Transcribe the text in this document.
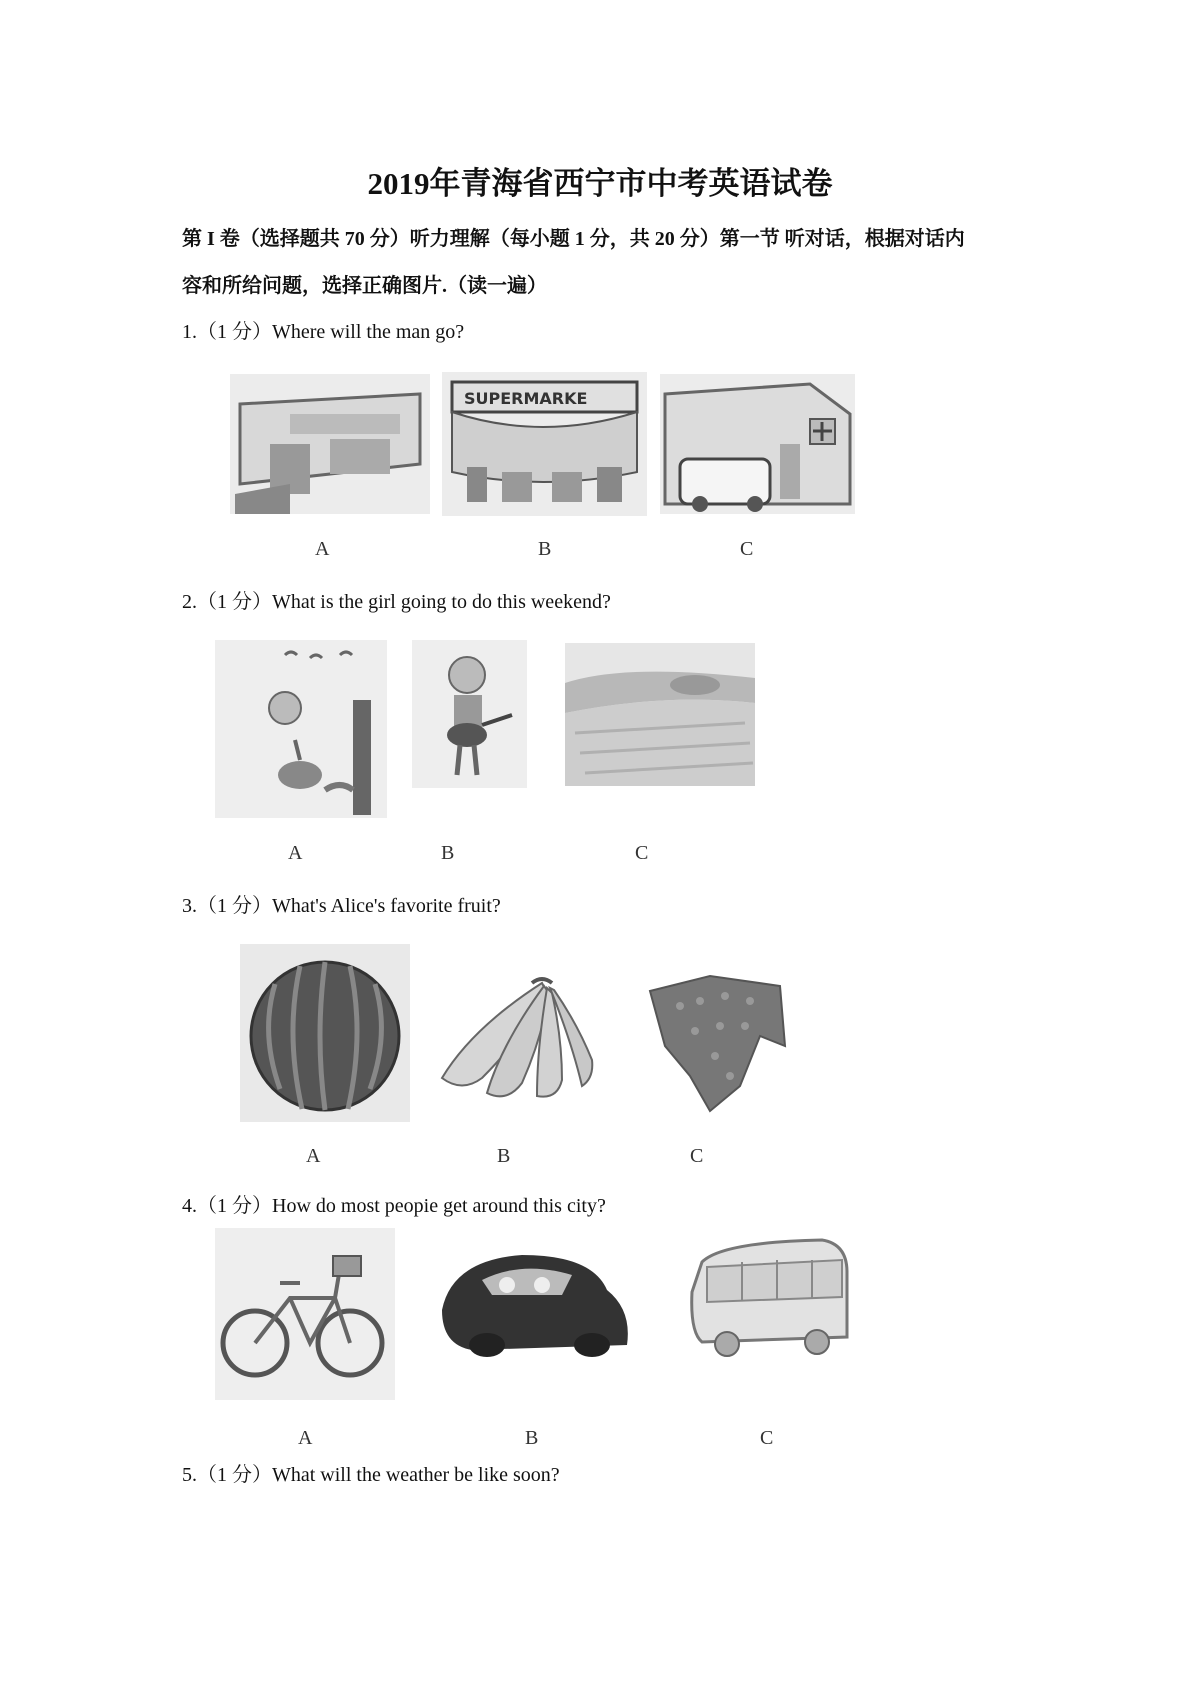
2019年青海省西宁市中考英语试卷
第 I 卷（选择题共 70 分）听力理解（每小题 1 分，共 20 分）第一节 听对话，根据对话内
容和所给问题，选择正确图片.（读一遍）
1.（1 分）Where will the man go?
SUPERMARKE
A	B	C
2.（1 分）What is the girl going to do this weekend?
A	B	C
3.（1 分）What's Alice's favorite fruit?
A	B	C
4.（1 分）How do most peopie get around this city?
A	B	C
5.（1 分）What will the weather be like soon?
